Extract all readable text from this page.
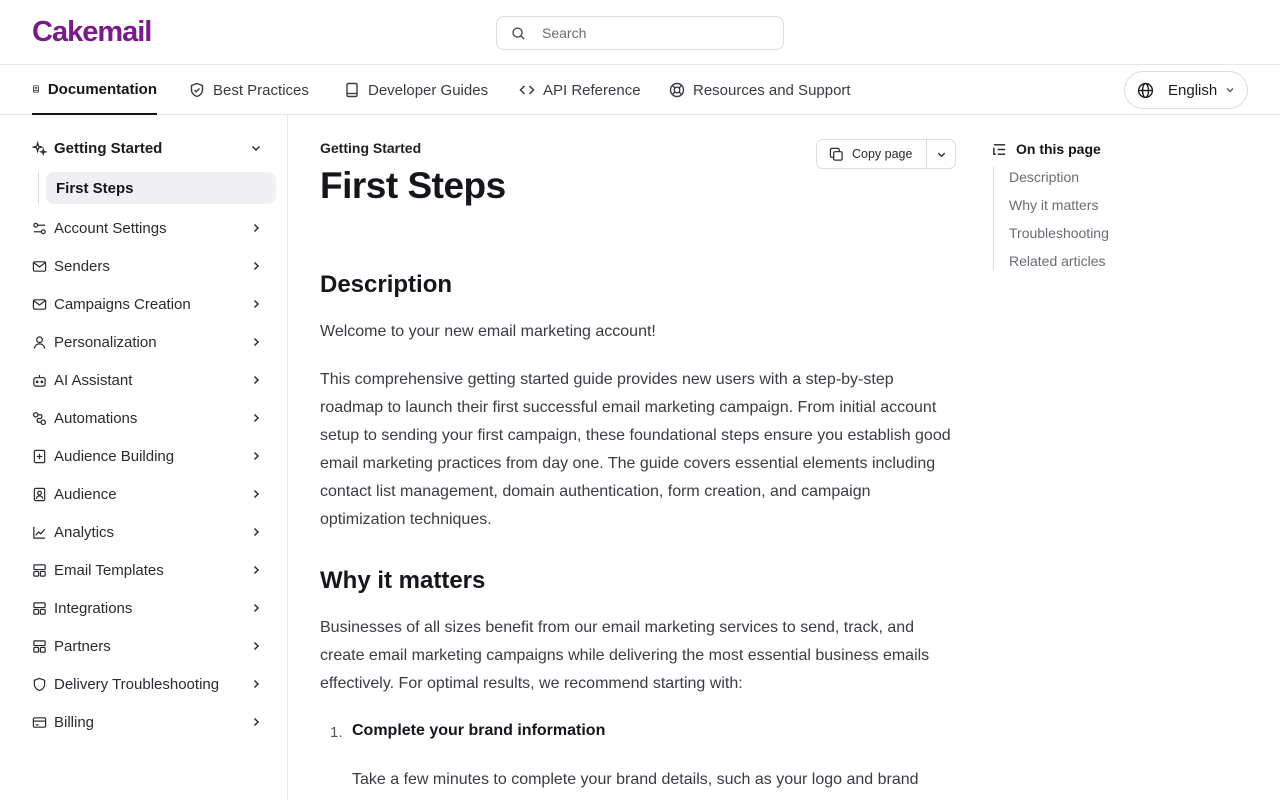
Cakemail	Search
Documentation	Best Practices	Developer Guides	API Reference	Resources and Support	English
Getting Started
First Steps
Account Settings
Senders
Campaigns Creation
Personalization
AI Assistant
Automations
Audience Building
Audience
Analytics
Email Templates
Integrations
Partners
Delivery Troubleshooting
Billing
Getting Started
First Steps
Copy page
Description
Welcome to your new email marketing account!
This comprehensive getting started guide provides new users with a step-by-step roadmap to launch their first successful email marketing campaign. From initial account setup to sending your first campaign, these foundational steps ensure you establish good email marketing practices from day one. The guide covers essential elements including contact list management, domain authentication, form creation, and campaign optimization techniques.
Why it matters
Businesses of all sizes benefit from our email marketing services to send, track, and create email marketing campaigns while delivering the most essential business emails effectively. For optimal results, we recommend starting with:
1. Complete your brand information
Take a few minutes to complete your brand details, such as your logo and brand
On this page
Description
Why it matters
Troubleshooting
Related articles
